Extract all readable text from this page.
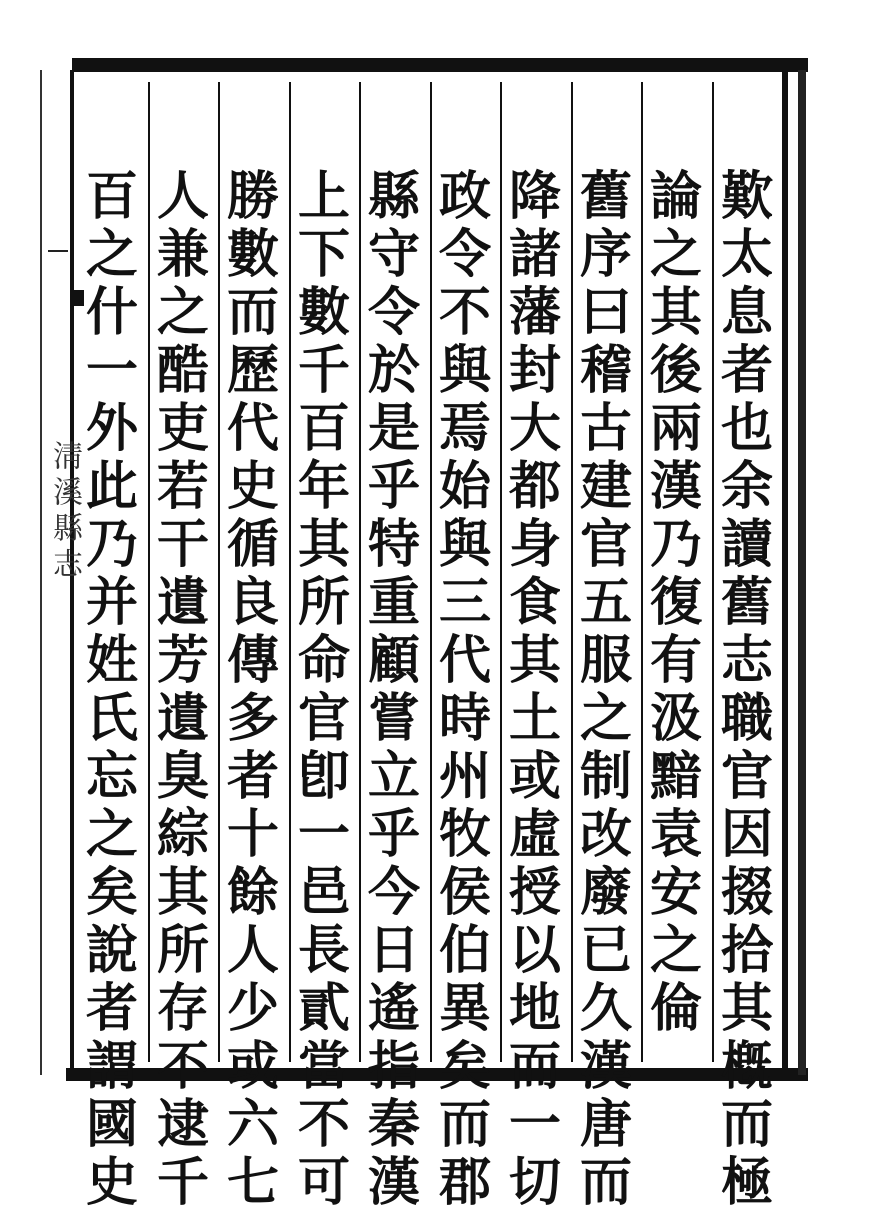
淸溪縣志
歎
太
息
者
也
余
讀
舊
志
職
官
因
掇
拾
其
槪
而
極
論
之
其
後
兩
漢
乃
復
有
汲
黯
袁
安
之
倫
舊
序
曰
稽
古
建
官
五
服
之
制
改
廢
已
久
漢
唐
而
降
諸
藩
封
大
都
身
食
其
土
或
虛
授
以
地
而
一
切
政
令
不
與
焉
始
與
三
代
時
州
牧
侯
伯
異
矣
而
郡
縣
守
令
於
是
乎
特
重
顧
嘗
立
乎
今
日
遙
指
秦
漢
上
下
數
千
百
年
其
所
命
官
卽
一
邑
長
貳
當
不
可
勝
數
而
歷
代
史
循
良
傳
多
者
十
餘
人
少
或
六
七
人
兼
之
酷
吏
若
干
遺
芳
遺
臭
綜
其
所
存
不
逮
千
百
之
什
一
外
此
乃
并
姓
氏
忘
之
矣
說
者
謂
國
史
